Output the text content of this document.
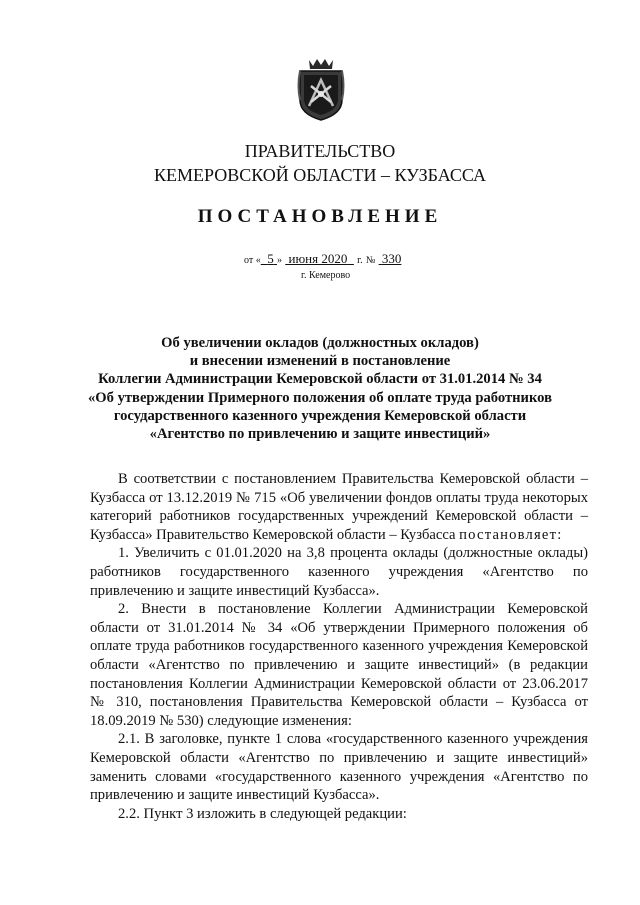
ПРАВИТЕЛЬСТВО
КЕМЕРОВСКОЙ ОБЛАСТИ – КУЗБАССА
ПОСТАНОВЛЕНИЕ
от « 5 » июня 2020 г. № 330
г. Кемерово
Об увеличении окладов (должностных окладов)
и внесении изменений в постановление
Коллегии Администрации Кемеровской области от 31.01.2014 № 34
«Об утверждении Примерного положения об оплате труда работников
государственного казенного учреждения Кемеровской области
«Агентство по привлечению и защите инвестиций»

В соответствии с постановлением Правительства Кемеровской области – Кузбасса от 13.12.2019 № 715 «Об увеличении фондов оплаты труда некоторых категорий работников государственных учреждений Кемеровской области – Кузбасса» Правительство Кемеровской области – Кузбасса постановляет:

1. Увеличить с 01.01.2020 на 3,8 процента оклады (должностные оклады) работников государственного казенного учреждения «Агентство по привлечению и защите инвестиций Кузбасса».

2. Внести в постановление Коллегии Администрации Кемеровской области от 31.01.2014 № 34 «Об утверждении Примерного положения об оплате труда работников государственного казенного учреждения Кемеровской области «Агентство по привлечению и защите инвестиций» (в редакции постановления Коллегии Администрации Кемеровской области от 23.06.2017 № 310, постановления Правительства Кемеровской области – Кузбасса от 18.09.2019 № 530) следующие изменения:

2.1. В заголовке, пункте 1 слова «государственного казенного учреждения Кемеровской области «Агентство по привлечению и защите инвестиций» заменить словами «государственного казенного учреждения «Агентство по привлечению и защите инвестиций Кузбасса».

2.2. Пункт 3 изложить в следующей редакции:
